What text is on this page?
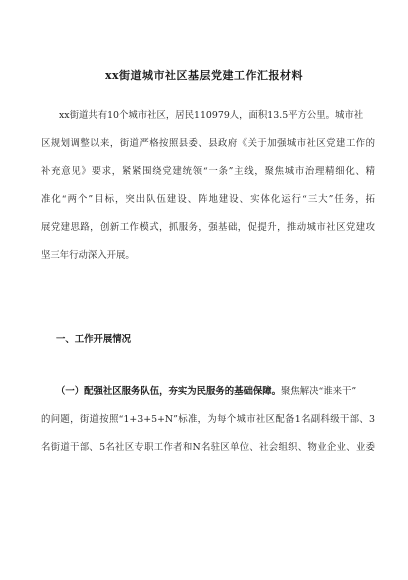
xx街道城市社区基层党建工作汇报材料
xx街道共有10个城市社区，居民110979人，面积13.5平方公里。城市社
区规划调整以来，街道严格按照县委、县政府《关于加强城市社区党建工作的
补充意见》要求，紧紧围绕党建统领“一条”主线，聚焦城市治理精细化、精
准化“两个”目标，突出队伍建设、阵地建设、实体化运行“三大”任务，拓
展党建思路，创新工作模式，抓服务，强基础，促提升，推动城市社区党建攻
坚三年行动深入开展。
一、工作开展情况
（一）配强社区服务队伍，夯实为民服务的基础保障。聚焦解决“谁来干”
的问题，街道按照“1+3+5+N”标准，为每个城市社区配备1名副科级干部、3
名街道干部、5名社区专职工作者和N名驻区单位、社会组织、物业企业、业委
